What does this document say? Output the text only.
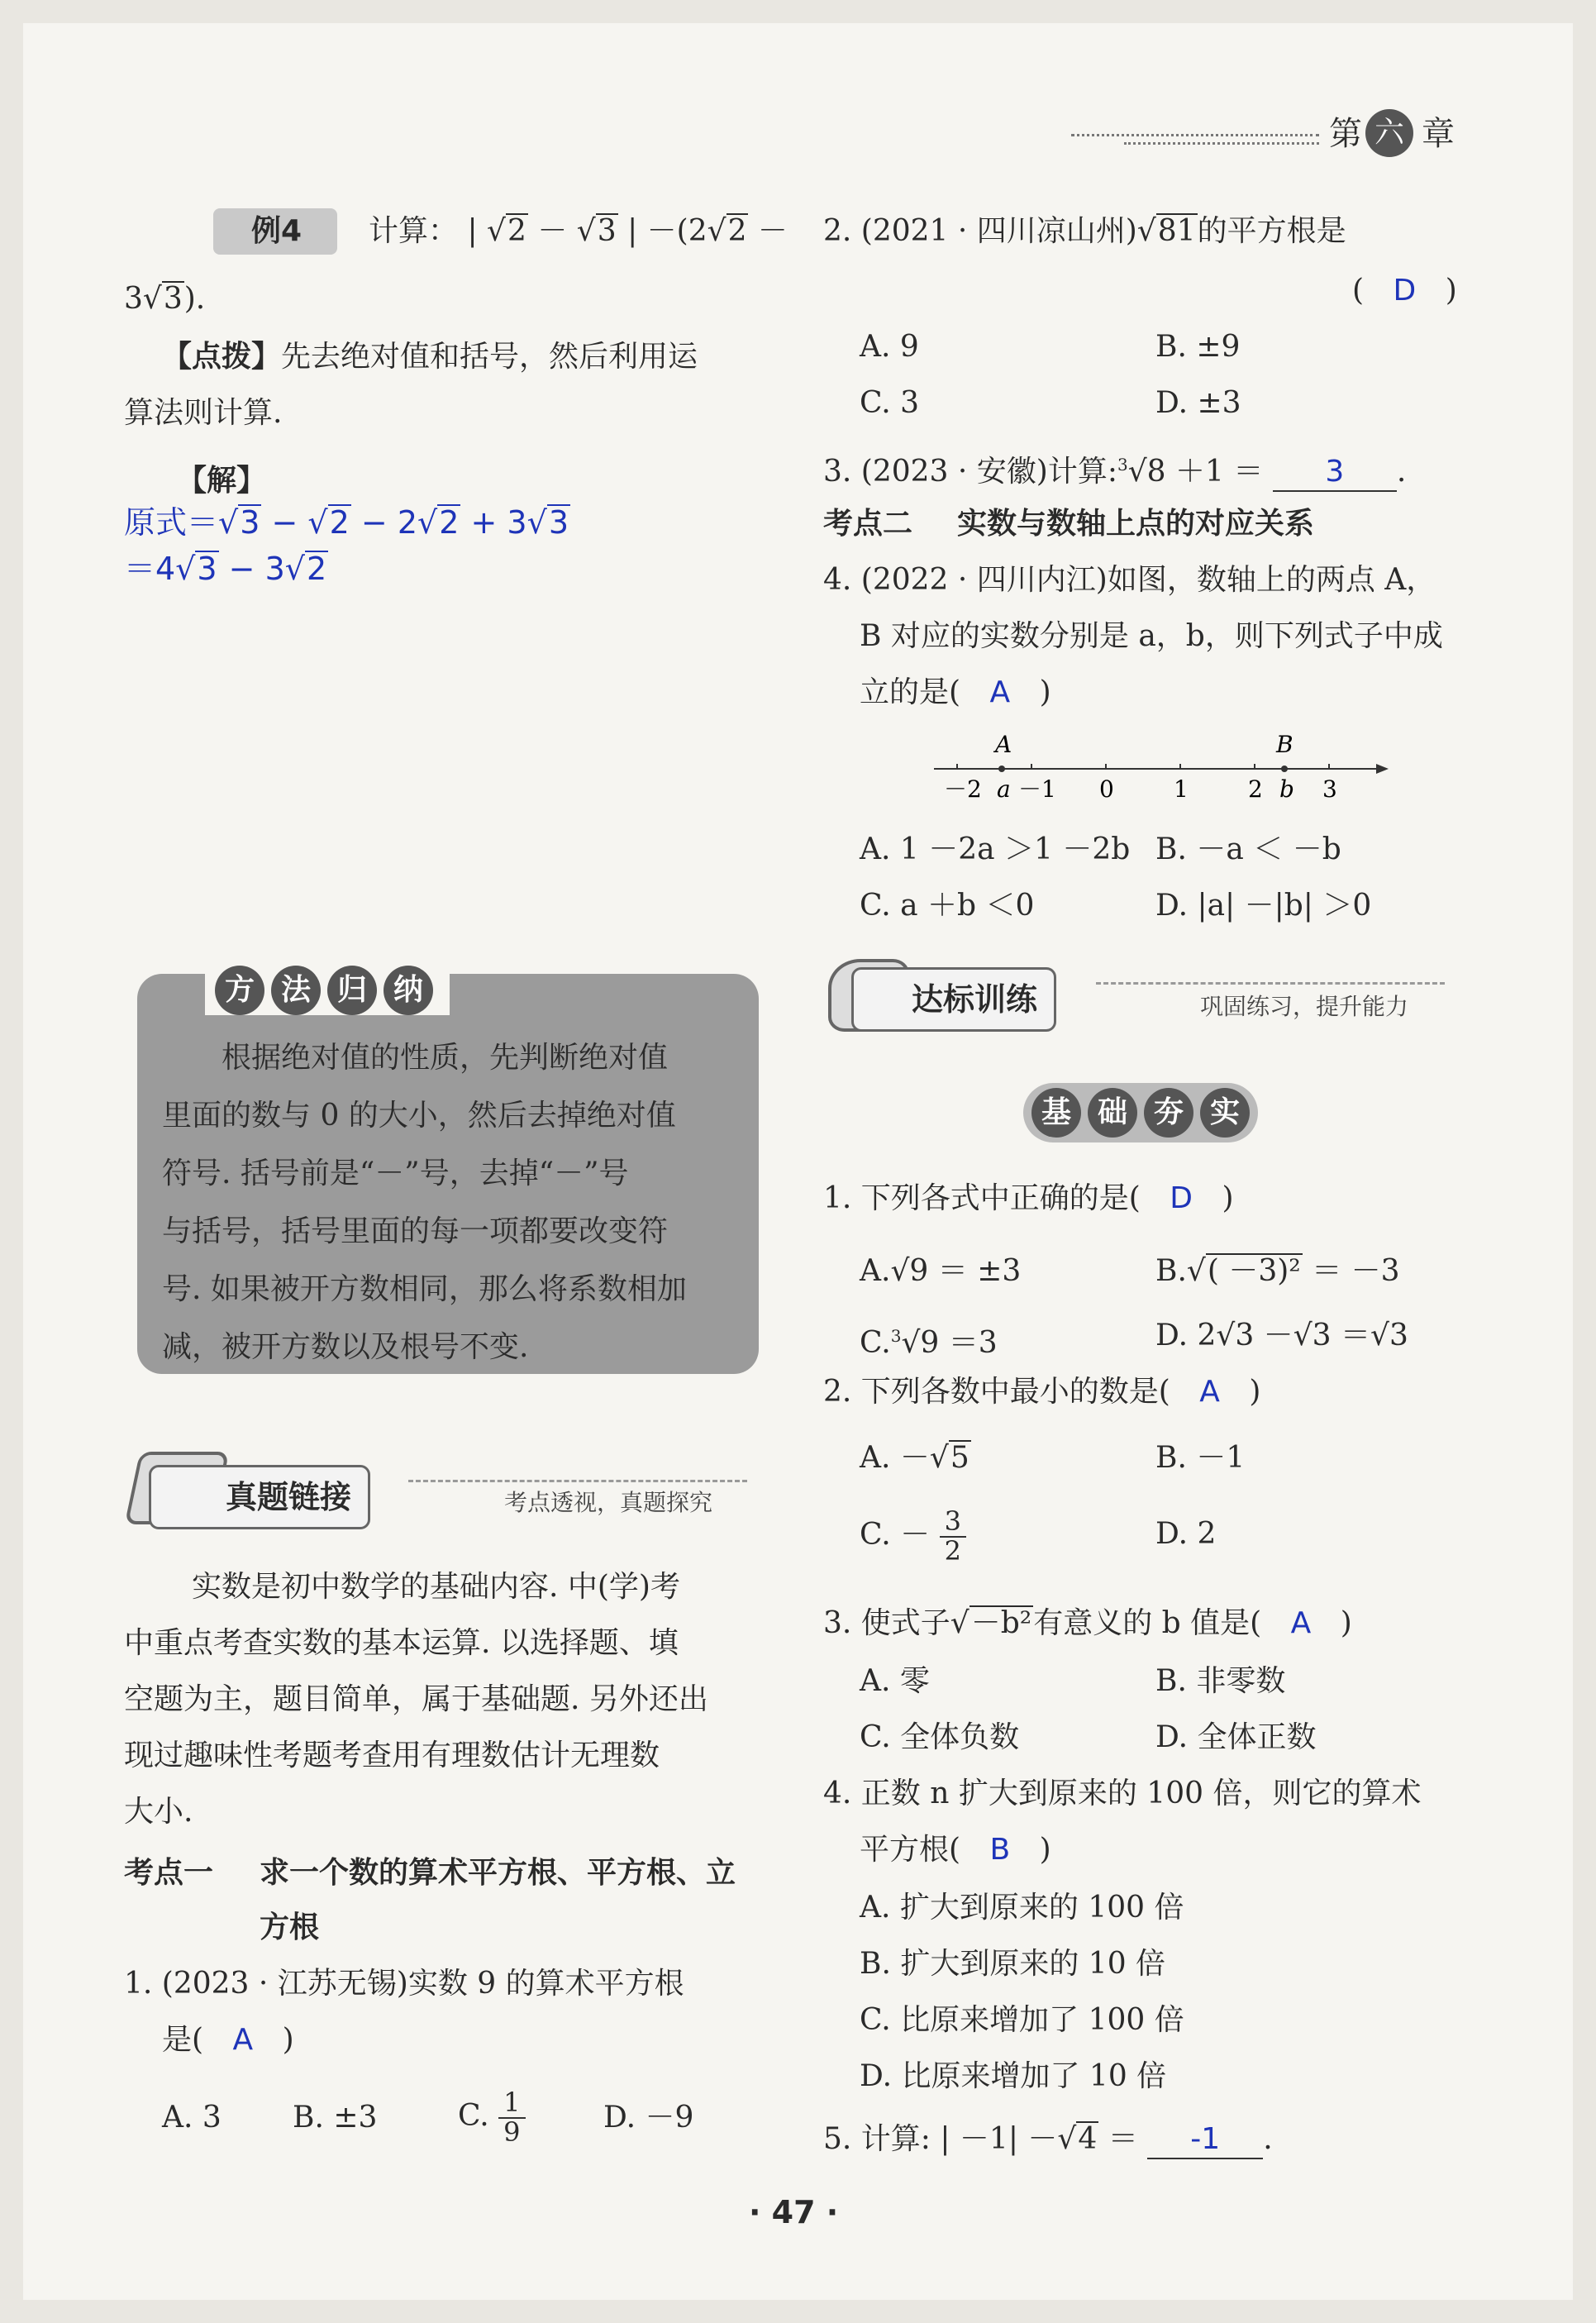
第 六 章
例4 计算： | √ 2 － √ 3 | －(2 √ 2 －
3 √ 3).
【点拨】先去绝对值和括号，然后利用运
算法则计算.
【解】
原式＝ √ 3 − √ 2 − 2 √ 2 + 3 √ 3
＝4 √ 3 − 3 √ 2
方 法 归 纳
根据绝对值的性质，先判断绝对值
里面的数与 0 的大小，然后去掉绝对值
符号. 括号前是“－”号，去掉“－”号
与括号，括号里面的每一项都要改变符
号. 如果被开方数相同，那么将系数相加
减，被开方数以及根号不变.
真题链接	考点透视，真题探究
实数是初中数学的基础内容. 中(学)考
中重点考查实数的基本运算. 以选择题、填
空题为主，题目简单，属于基础题. 另外还出
现过趣味性考题考查用有理数估计无理数
大小.
考点一 求一个数的算术平方根、平方根、立
方根
1. (2023 · 江苏无锡)实数 9 的算术平方根
是( A )
A. 3 B. ±3	C. $\frac{1}{9}$	D. －9
2. (2021 · 四川凉山州) √ 81的平方根是
( D )
A. 9	B. ±9
C. 3	D. ±3
3. (2023 · 安徽)计算:$^3$ √ 8 ＋1 ＝ 3 .
考点二 实数与数轴上点的对应关系
4. (2022 · 四川内江)如图，数轴上的两点 A，
B 对应的实数分别是 a，b，则下列式子中成
立的是( A )
A	B
－2 a －1 0	1	2 b 3
A. 1 －2a ＞1 －2b B. －a ＜ －b
C. a ＋b ＜0	D. |a| －|b| ＞0
达标训练	巩固练习，提升能力
基 础 夯 实
1. 下列各式中正确的是( D )
A. √ 9 ＝ ±3	B. √ ( －3)² ＝ －3
C.$^3$ √ 9 ＝3	D. 2 √ 3 － √ 3 ＝ √ 3
2. 下列各数中最小的数是( A )
A. － √ 5	B. －1
C. － $\frac{3}{2}$	D. 2
3. 使式子 √ －b²有意义的 b 值是( A )
A. 零	B. 非零数
C. 全体负数	D. 全体正数
4. 正数 n 扩大到原来的 100 倍，则它的算术
平方根( B )
A. 扩大到原来的 100 倍
B. 扩大到原来的 10 倍
C. 比原来增加了 100 倍
D. 比原来增加了 10 倍
5. 计算: | －1| － √ 4 ＝ -1 .
· 47 ·
